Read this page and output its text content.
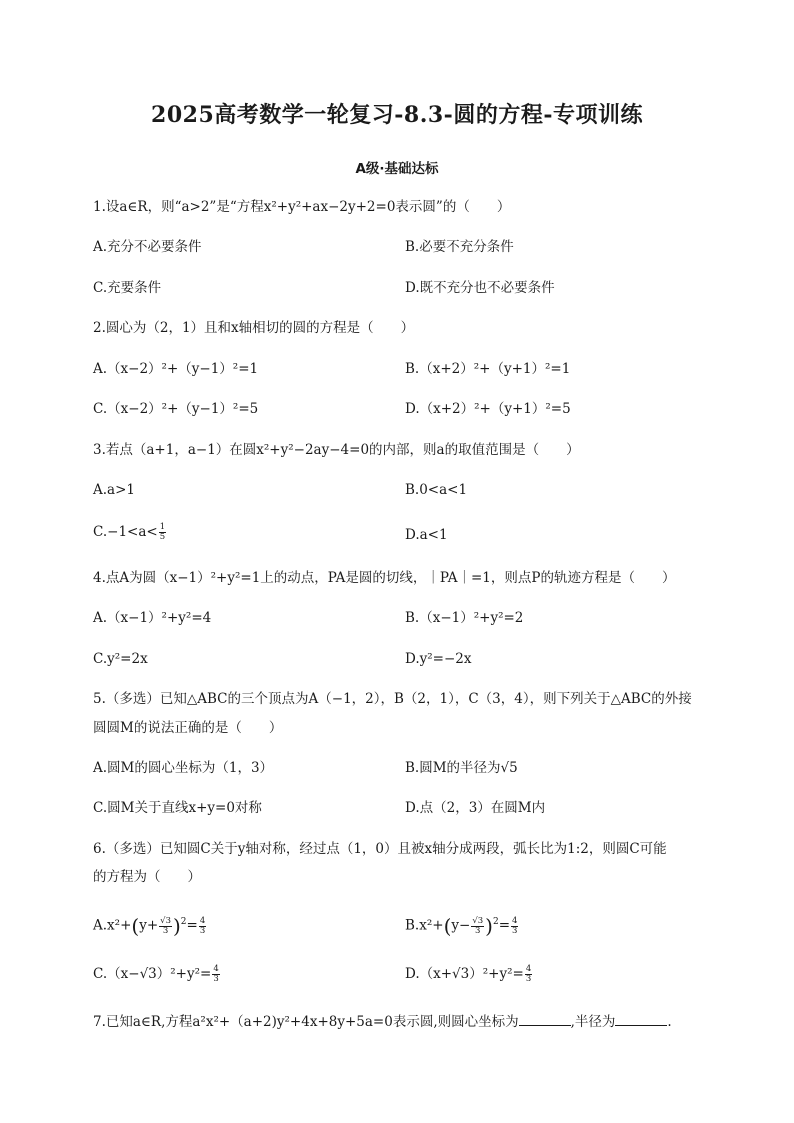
2025高考数学一轮复习-8.3-圆的方程-专项训练
A级·基础达标
1.设a∈R，则“a>2”是“方程x²+y²+ax−2y+2=0表示圆”的（　　）
A.充分不必要条件	B.必要不充分条件
C.充要条件	D.既不充分也不必要条件
2.圆心为（2，1）且和x轴相切的圆的方程是（　　）
A.（x−2）²+（y−1）²=1	B.（x+2）²+（y+1）²=1
C.（x−2）²+（y−1）²=5	D.（x+2）²+（y+1）²=5
3.若点（a+1，a−1）在圆x²+y²−2ay−4=0的内部，则a的取值范围是（　　）
A.a>1	B.0<a<1
$C.-1<a< \frac{1}{5}$	D.a<1
4.点A为圆（x−1）²+y²=1上的动点，PA是圆的切线，｜PA｜=1，则点P的轨迹方程是（　　）
A.（x−1）²+y²=4	B.（x−1）²+y²=2
C.y²=2x	D.y²=−2x
5.（多选）已知△ABC的三个顶点为A（−1，2），B（2，1），C（3，4），则下列关于△ABC的外接
圆圆M的说法正确的是（　　）
A.圆M的圆心坐标为（1，3）	B.圆M的半径为√5
C.圆M关于直线x+y=0对称	D.点（2，3）在圆M内
6.（多选）已知圆C关于y轴对称，经过点（1，0）且被x轴分成两段，弧长比为1:2，则圆C可能
的方程为（　　）
$A.x^2+(y+ \frac{√3}{3} )^2= \frac{4}{3}$	$B.x^2+(y- \frac{√3}{3} )^2= \frac{4}{3}$
$C.(x-√3)^2+y^2= \frac{4}{3}$	$D.(x+√3)^2+y^2= \frac{4}{3}$
7.已知a∈R,方程a²x²+（a+2)y²+4x+8y+5a=0表示圆,则圆心坐标为	,半径为	.
